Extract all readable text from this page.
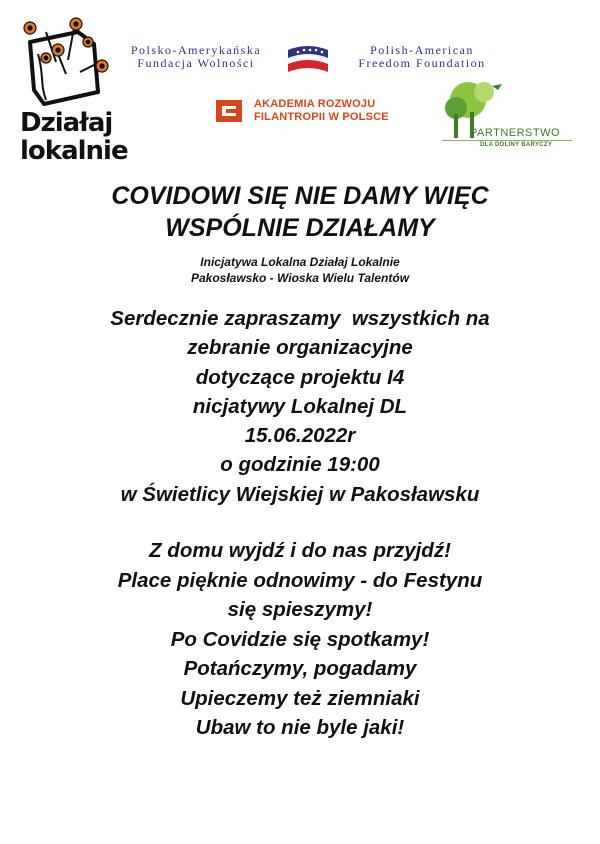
Działaj
lokalnie
Polsko-Amerykańska
Fundacja Wolności
Polish-American
Freedom Foundation
AKADEMIA ROZWOJU
FILANTROPII W POLSCE
PARTNERSTWO
DLA DOLINY BARYCZY
COVIDOWI SIĘ NIE DAMY WIĘC
WSPÓLNIE DZIAŁAMY
Inicjatywa Lokalna Działaj Lokalnie
Pakosławsko - Wioska Wielu Talentów
Serdecznie zapraszamy  wszystkich na
zebranie organizacyjne
dotyczące projektu I4
nicjatywy Lokalnej DL
15.06.2022r
o godzinie 19:00
w Świetlicy Wiejskiej w Pakosławsku
Z domu wyjdź i do nas przyjdź!
Place pięknie odnowimy - do Festynu
się spieszymy!
Po Covidzie się spotkamy!
Potańczymy, pogadamy
Upieczemy też ziemniaki
Ubaw to nie byle jaki!
